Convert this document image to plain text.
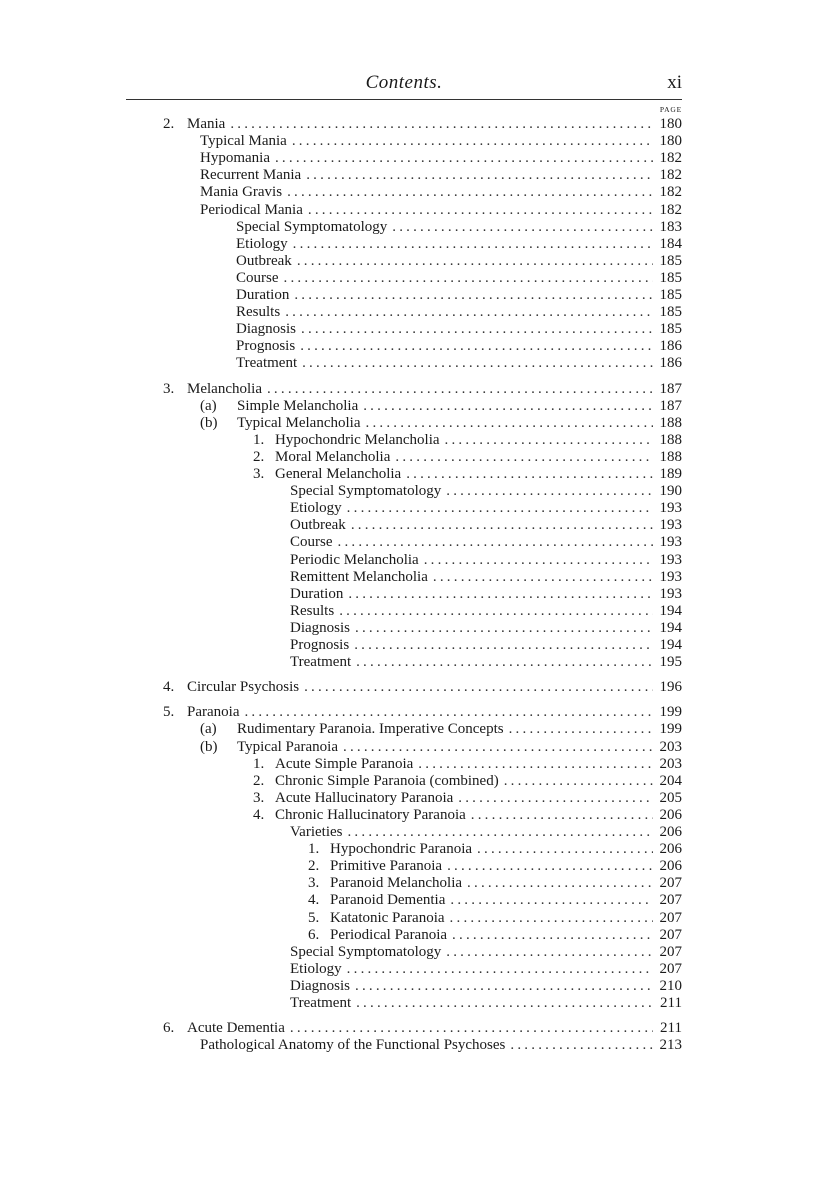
Contents.	xi
PAGE
2. Mania .....	180
Typical Mania .....	180
Hypomania .....	182
Recurrent Mania .....	182
Mania Gravis .....	182
Periodical Mania .....	182
Special Symptomatology .....	183
Etiology .....	184
Outbreak .....	185
Course .....	185
Duration .....	185
Results .....	185
Diagnosis .....	185
Prognosis .....	186
Treatment .....	186
3. Melancholia .....	187
(a)	Simple Melancholia .....	187
(b)	Typical Melancholia .....	188
1. Hypochondric Melancholia .....	188
2. Moral Melancholia .....	188
3. General Melancholia .....	189
Special Symptomatology .....	190
Etiology .....	193
Outbreak .....	193
Course .....	193
Periodic Melancholia .....	193
Remittent Melancholia .....	193
Duration .....	193
Results .....	194
Diagnosis .....	194
Prognosis .....	194
Treatment .....	195
4. Circular Psychosis .....	196
5. Paranoia .....	199
(a)	Rudimentary Paranoia. Imperative Concepts .....	199
(b)	Typical Paranoia .....	203
1. Acute Simple Paranoia .....	203
2. Chronic Simple Paranoia (combined) .....	204
3. Acute Hallucinatory Paranoia .....	205
4. Chronic Hallucinatory Paranoia .....	206
Varieties .....	206
1. Hypochondric Paranoia .....	206
2. Primitive Paranoia .....	206
3. Paranoid Melancholia .....	207
4. Paranoid Dementia .....	207
5. Katatonic Paranoia .....	207
6. Periodical Paranoia .....	207
Special Symptomatology .....	207
Etiology .....	207
Diagnosis .....	210
Treatment .....	211
6. Acute Dementia .....	211
Pathological Anatomy of the Functional Psychoses .....	213
